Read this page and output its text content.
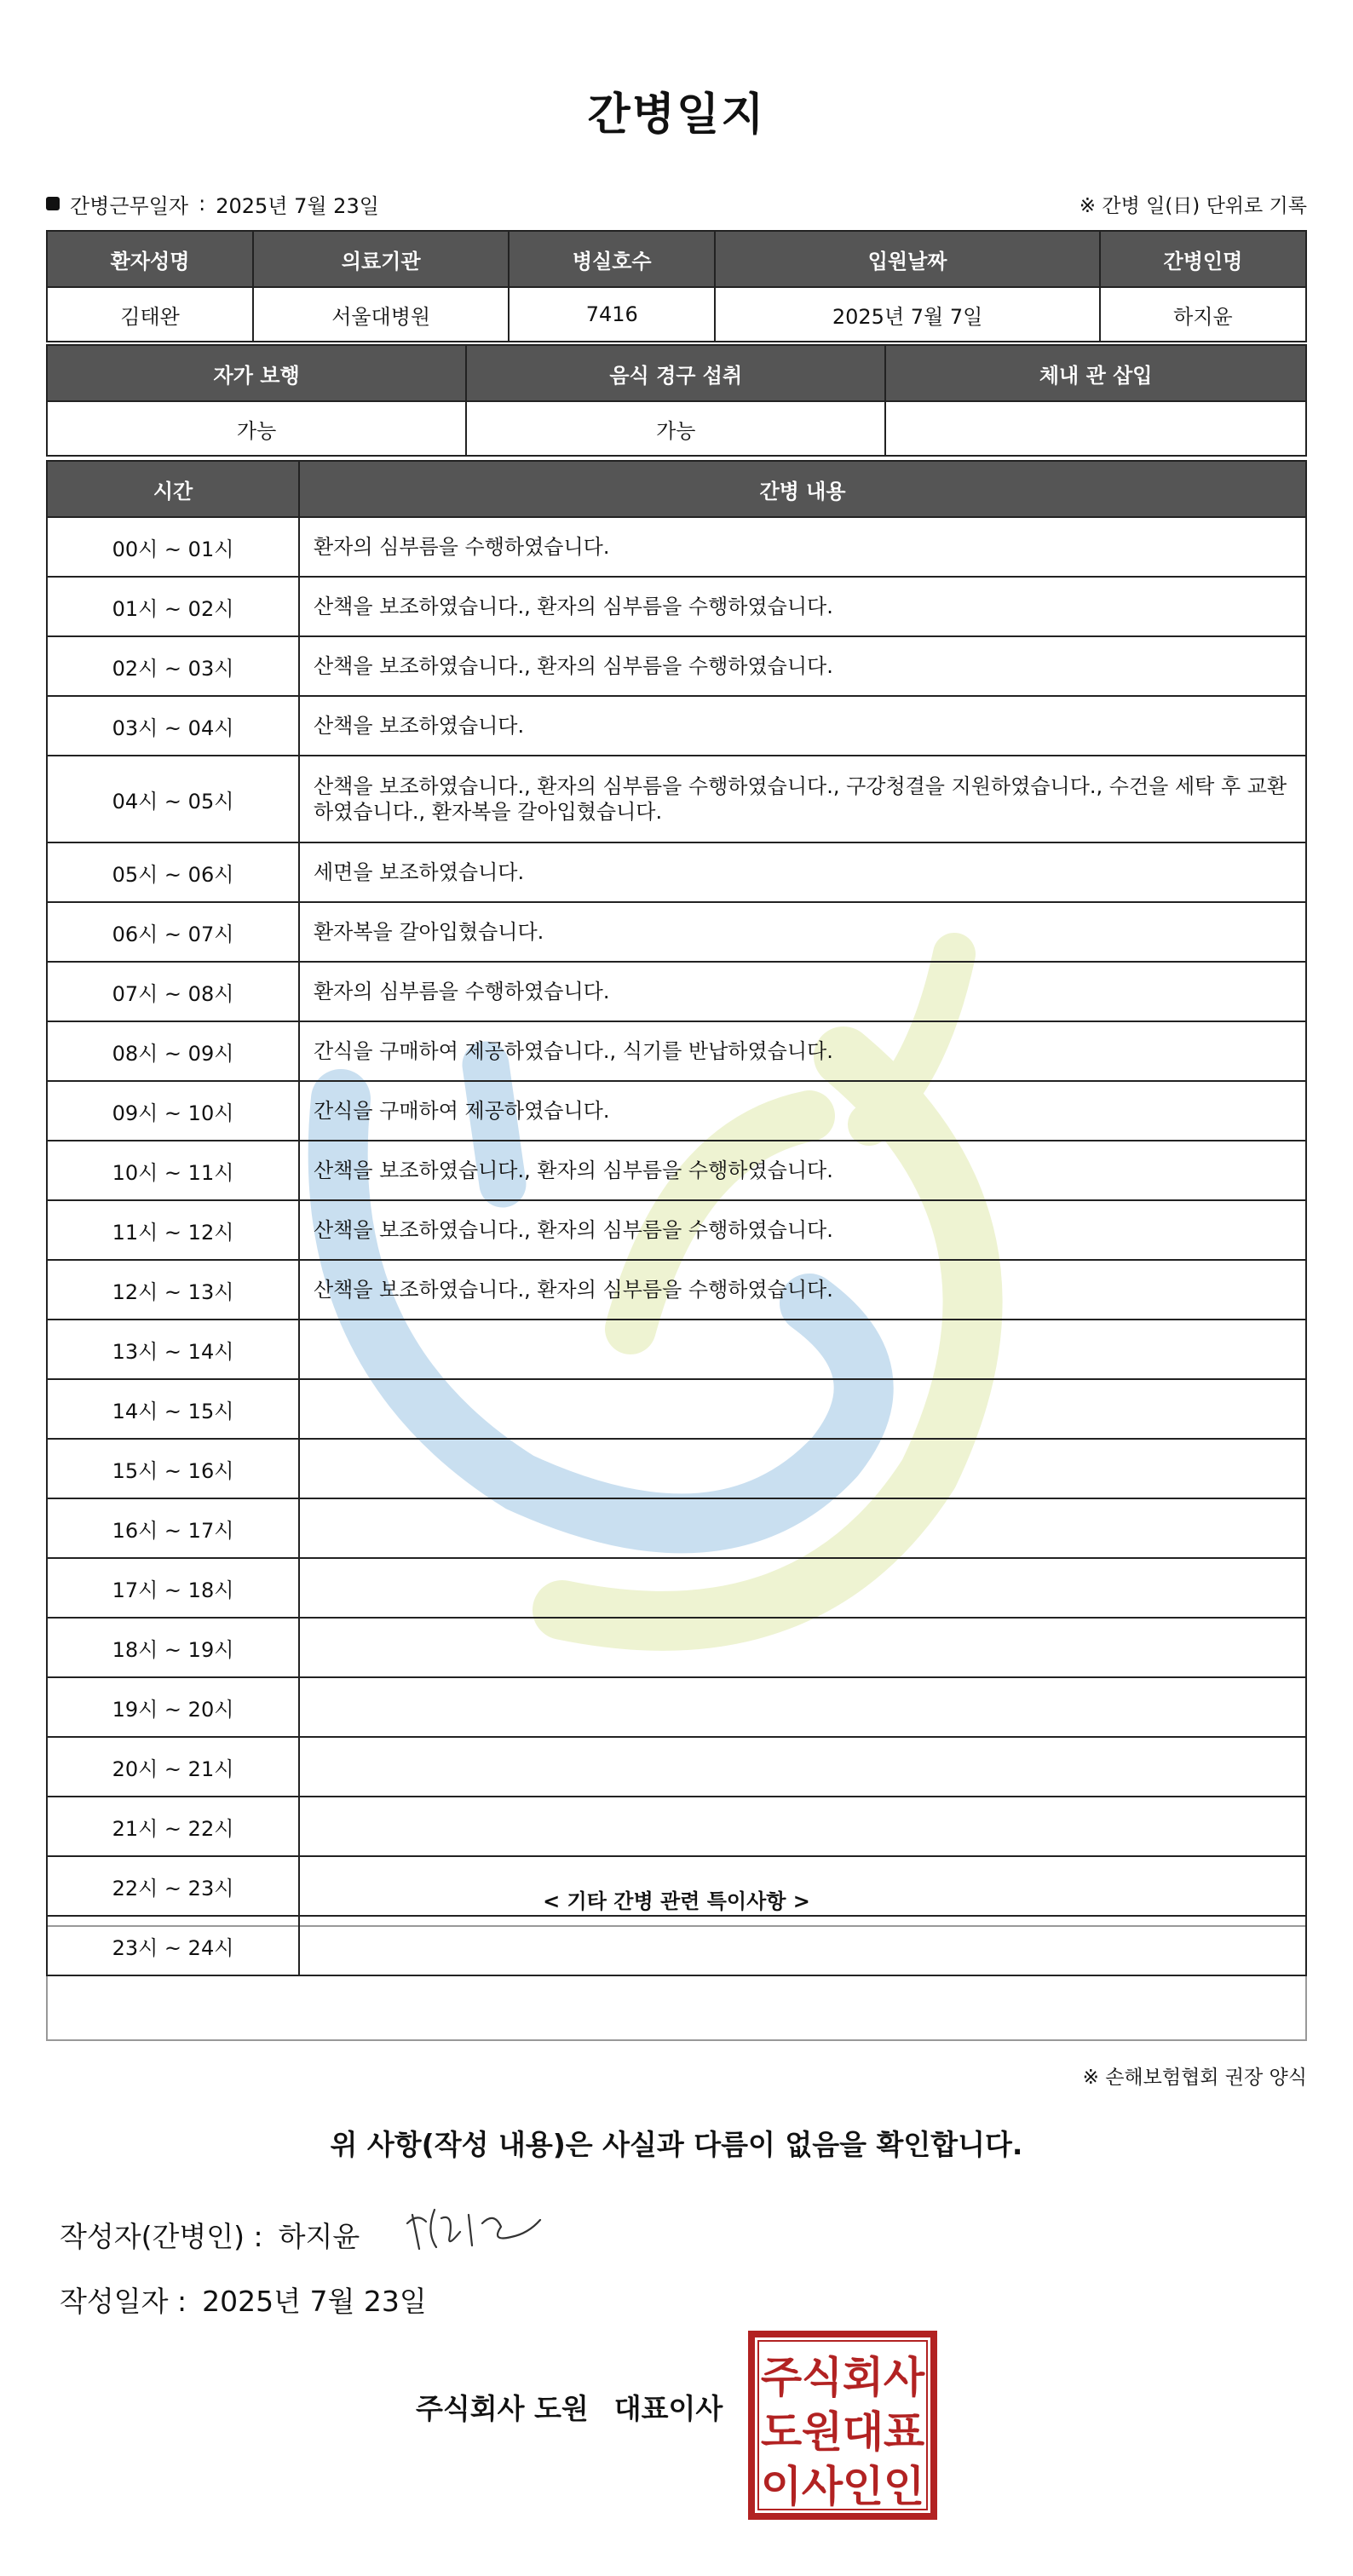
간병일지
간병근무일자 : 2025년 7월 23일	※ 간병 일(日) 단위로 기록
환자성명	의료기관	병실호수	입원날짜	간병인명
김태완	서울대병원	7416	2025년 7월 7일	하지윤
자가 보행	음식 경구 섭취	체내 관 삽입
가능	가능	
시간	간병 내용
00시 ~ 01시	환자의 심부름을 수행하였습니다.
01시 ~ 02시	산책을 보조하였습니다., 환자의 심부름을 수행하였습니다.
02시 ~ 03시	산책을 보조하였습니다., 환자의 심부름을 수행하였습니다.
03시 ~ 04시	산책을 보조하였습니다.
04시 ~ 05시	산책을 보조하였습니다., 환자의 심부름을 수행하였습니다., 구강청결을 지원하였습니다., 수건을 세탁 후 교환하였습니다., 환자복을 갈아입혔습니다.
05시 ~ 06시	세면을 보조하였습니다.
06시 ~ 07시	환자복을 갈아입혔습니다.
07시 ~ 08시	환자의 심부름을 수행하였습니다.
08시 ~ 09시	간식을 구매하여 제공하였습니다., 식기를 반납하였습니다.
09시 ~ 10시	간식을 구매하여 제공하였습니다.
10시 ~ 11시	산책을 보조하였습니다., 환자의 심부름을 수행하였습니다.
11시 ~ 12시	산책을 보조하였습니다., 환자의 심부름을 수행하였습니다.
12시 ~ 13시	산책을 보조하였습니다., 환자의 심부름을 수행하였습니다.
13시 ~ 14시	
14시 ~ 15시	
15시 ~ 16시	
16시 ~ 17시	
17시 ~ 18시	
18시 ~ 19시	
19시 ~ 20시	
20시 ~ 21시	
21시 ~ 22시	
22시 ~ 23시	
23시 ~ 24시	
< 기타 간병 관련 특이사항 >
※ 손해보험협회 권장 양식
위 사항(작성 내용)은 사실과 다름이 없음을 확인합니다.
작성자(간병인) : 하지윤
작성일자 : 2025년 7월 23일
주식회사 도원 대표이사
주 식 회 사
도 원 대 표
이 사 인 인
